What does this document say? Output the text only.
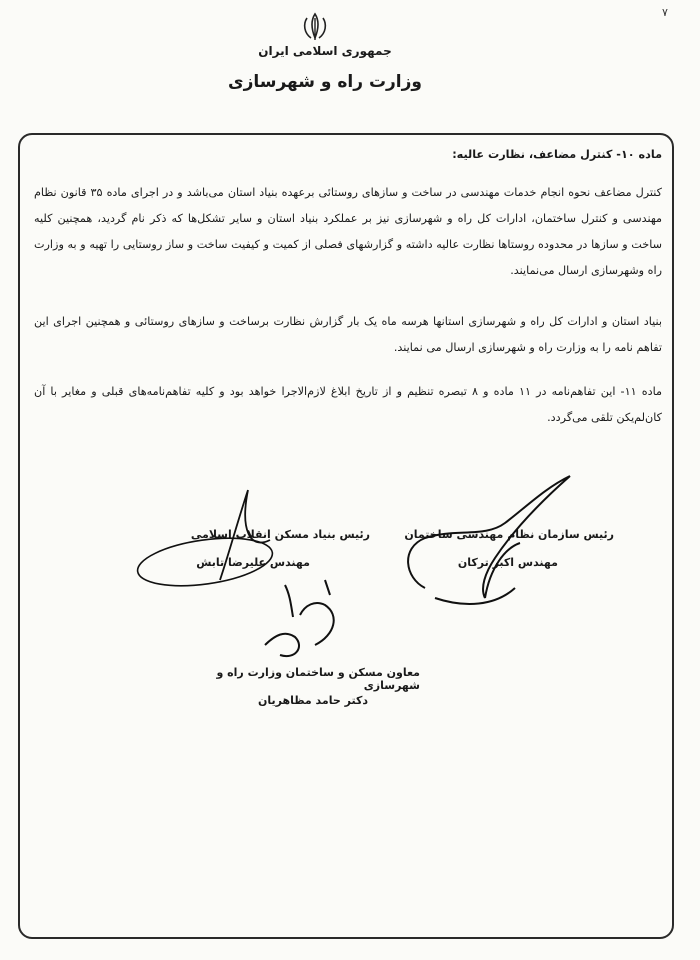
۷
جمهوری اسلامی ایران
وزارت راه و شهرسازی
ماده ۱۰- کنترل مضاعف، نظارت عالیه:
کنترل مضاعف نحوه انجام خدمات مهندسی در ساخت و سازهای روستائی برعهده بنیاد استان می‌باشد و در اجرای ماده ۳۵ قانون نظام مهندسی و کنترل ساختمان، ادارات کل راه و شهرسازی نیز بر عملکرد بنیاد استان و سایر تشکل‌ها که ذکر نام گردید، همچنین کلیه ساخت و سازها در محدوده روستاها نظارت عالیه داشته و گزارشهای فصلی از کمیت و کیفیت ساخت و ساز روستایی را تهیه و به وزارت راه وشهرسازی ارسال می‌نمایند.
بنیاد استان و ادارات کل راه و شهرسازی استانها هرسه ماه یک بار گزارش نظارت برساخت و سازهای روستائی و همچنین اجرای این تفاهم نامه را به وزارت راه و شهرسازی ارسال می نمایند.
ماده ۱۱- این تفاهم‌نامه در ۱۱ ماده و ۸ تبصره تنظیم و از تاریخ ابلاغ لازم‌الاجرا خواهد بود و کلیه تفاهم‌نامه‌های قبلی و مغایر با آن کان‌لم‌یکن تلقی می‌گردد.
رئیس سازمان نظام مهندسی ساختمان
مهندس اکبر ترکان
رئیس بنیاد مسکن انقلاب اسلامی
مهندس علیرضا تابش
معاون مسکن و ساختمان وزارت راه و شهرسازی
دکتر حامد مظاهریان
